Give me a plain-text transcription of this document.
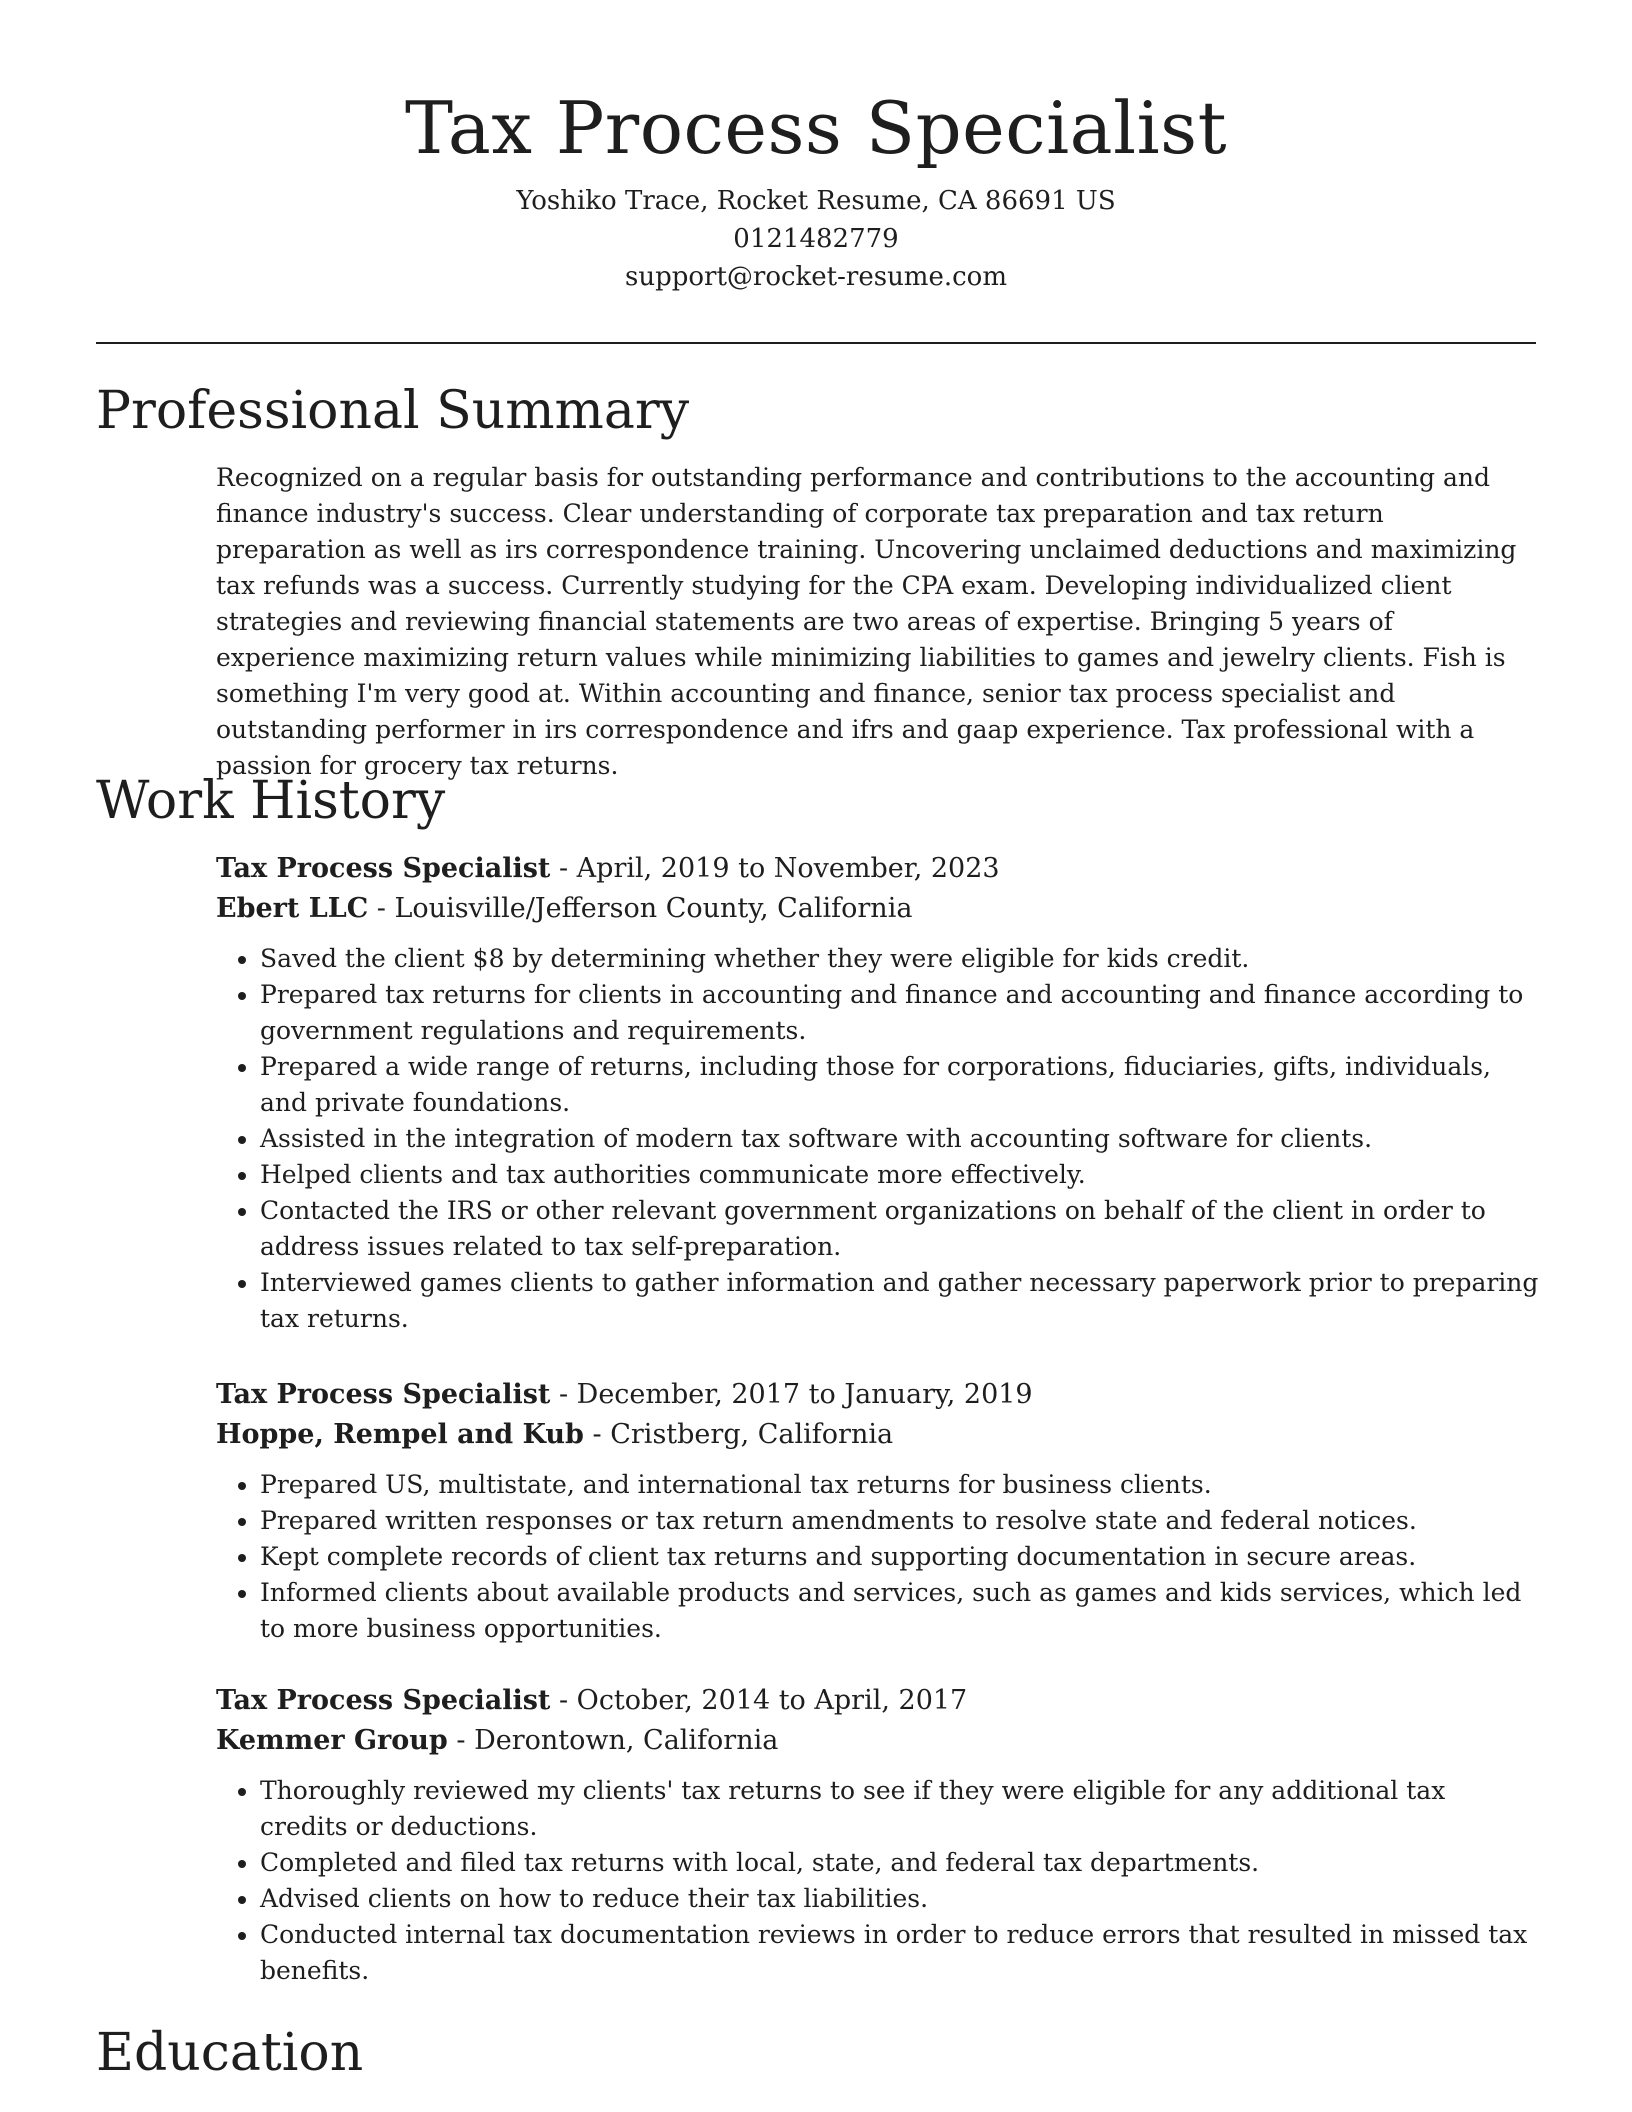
Tax Process Specialist
Yoshiko Trace, Rocket Resume, CA 86691 US
0121482779
support@rocket-resume.com
Professional Summary
Recognized on a regular basis for outstanding performance and contributions to the accounting and finance industry's success. Clear understanding of corporate tax preparation and tax return preparation as well as irs correspondence training. Uncovering unclaimed deductions and maximizing tax refunds was a success. Currently studying for the CPA exam. Developing individualized client strategies and reviewing financial statements are two areas of expertise. Bringing 5 years of experience maximizing return values while minimizing liabilities to games and jewelry clients. Fish is something I'm very good at. Within accounting and finance, senior tax process specialist and outstanding performer in irs correspondence and ifrs and gaap experience. Tax professional with a passion for grocery tax returns.
Work History
Tax Process Specialist - April, 2019 to November, 2023
Ebert LLC - Louisville/Jefferson County, California
• Saved the client $8 by determining whether they were eligible for kids credit.
• Prepared tax returns for clients in accounting and finance and accounting and finance according to government regulations and requirements.
• Prepared a wide range of returns, including those for corporations, fiduciaries, gifts, individuals, and private foundations.
• Assisted in the integration of modern tax software with accounting software for clients.
• Helped clients and tax authorities communicate more effectively.
• Contacted the IRS or other relevant government organizations on behalf of the client in order to address issues related to tax self-preparation.
• Interviewed games clients to gather information and gather necessary paperwork prior to preparing tax returns.
Tax Process Specialist - December, 2017 to January, 2019
Hoppe, Rempel and Kub - Cristberg, California
• Prepared US, multistate, and international tax returns for business clients.
• Prepared written responses or tax return amendments to resolve state and federal notices.
• Kept complete records of client tax returns and supporting documentation in secure areas.
• Informed clients about available products and services, such as games and kids services, which led to more business opportunities.
Tax Process Specialist - October, 2014 to April, 2017
Kemmer Group - Derontown, California
• Thoroughly reviewed my clients' tax returns to see if they were eligible for any additional tax credits or deductions.
• Completed and filed tax returns with local, state, and federal tax departments.
• Advised clients on how to reduce their tax liabilities.
• Conducted internal tax documentation reviews in order to reduce errors that resulted in missed tax benefits.
Education
